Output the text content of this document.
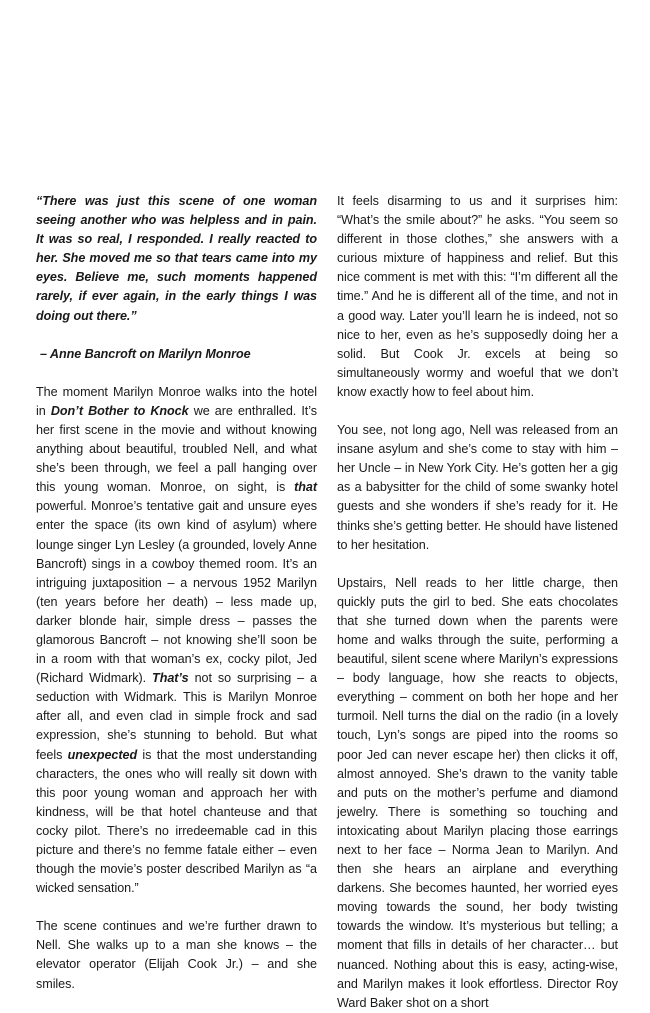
“There was just this scene of one woman seeing another who was helpless and in pain. It was so real, I responded. I really reacted to her. She moved me so that tears came into my eyes. Believe me, such moments happened rarely, if ever again, in the early things I was doing out there.”

– Anne Bancroft on Marilyn Monroe

The moment Marilyn Monroe walks into the hotel in Don’t Bother to Knock we are enthralled. It’s her first scene in the movie and without knowing anything about beautiful, troubled Nell, and what she’s been through, we feel a pall hanging over this young woman. Monroe, on sight, is that powerful. Monroe’s tentative gait and unsure eyes enter the space (its own kind of asylum) where lounge singer Lyn Lesley (a grounded, lovely Anne Bancroft) sings in a cowboy themed room. It’s an intriguing juxtaposition – a nervous 1952 Marilyn (ten years before her death) – less made up, darker blonde hair, simple dress – passes the glamorous Bancroft – not knowing she’ll soon be in a room with that woman’s ex, cocky pilot, Jed (Richard Widmark). That’s not so surprising – a seduction with Widmark. This is Marilyn Monroe after all, and even clad in simple frock and sad expression, she’s stunning to behold. But what feels unexpected is that the most understanding characters, the ones who will really sit down with this poor young woman and approach her with kindness, will be that hotel chanteuse and that cocky pilot. There’s no irredeemable cad in this picture and there’s no femme fatale either – even though the movie’s poster described Marilyn as “a wicked sensation.”

The scene continues and we’re further drawn to Nell. She walks up to a man she knows – the elevator operator (Elijah Cook Jr.) – and she smiles.

It feels disarming to us and it surprises him: “What’s the smile about?” he asks. “You seem so different in those clothes,” she answers with a curious mixture of happiness and relief. But this nice comment is met with this: “I’m different all the time.” And he is different all of the time, and not in a good way. Later you’ll learn he is indeed, not so nice to her, even as he’s supposedly doing her a solid. But Cook Jr. excels at being so simultaneously wormy and woeful that we don’t know exactly how to feel about him.

You see, not long ago, Nell was released from an insane asylum and she’s come to stay with him – her Uncle – in New York City. He’s gotten her a gig as a babysitter for the child of some swanky hotel guests and she wonders if she’s ready for it. He thinks she’s getting better. He should have listened to her hesitation.

Upstairs, Nell reads to her little charge, then quickly puts the girl to bed. She eats chocolates that she turned down when the parents were home and walks through the suite, performing a beautiful, silent scene where Marilyn’s expressions – body language, how she reacts to objects, everything – comment on both her hope and her turmoil. Nell turns the dial on the radio (in a lovely touch, Lyn’s songs are piped into the rooms so poor Jed can never escape her) then clicks it off, almost annoyed. She’s drawn to the vanity table and puts on the mother’s perfume and diamond jewelry. There is something so touching and intoxicating about Marilyn placing those earrings next to her face – Norma Jean to Marilyn. And then she hears an airplane and everything darkens. She becomes haunted, her worried eyes moving towards the sound, her body twisting towards the window. It’s mysterious but telling; a moment that fills in details of her character… but nuanced. Nothing about this is easy, acting-wise, and Marilyn makes it look effortless. Director Roy Ward Baker shot on a short
